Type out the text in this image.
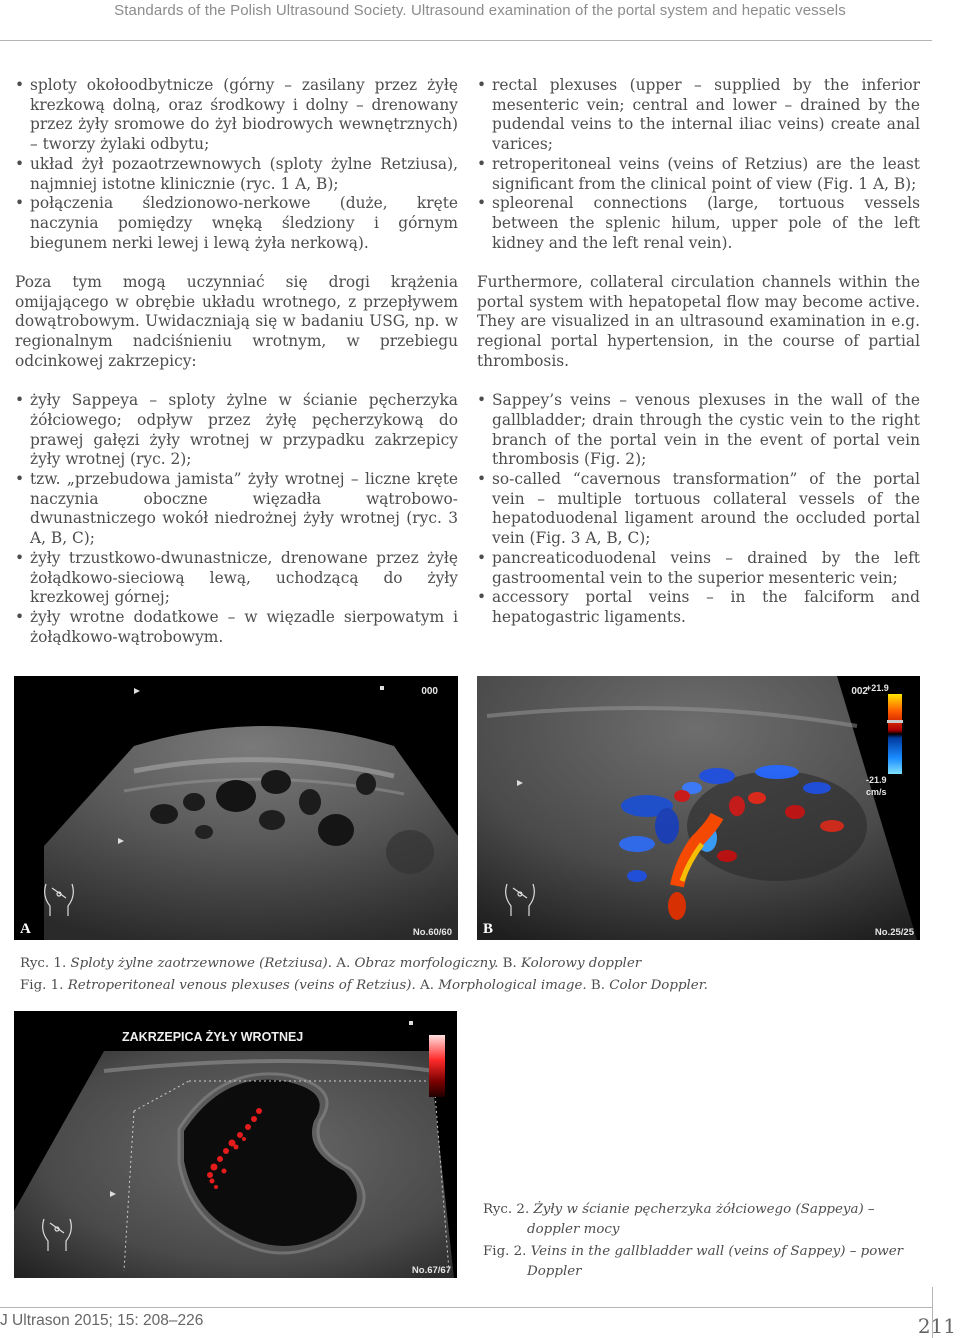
Standards of the Polish Ultrasound Society. Ultrasound examination of the portal system and hepatic vessels
• sploty okołoodbytnicze (górny – zasilany przez żyłę krezkową dolną, oraz środkowy i dolny – drenowany przez żyły sromowe do żył biodrowych wewnętrznych) – tworzy żylaki odbytu;
• układ żył pozaotrzewnowych (sploty żylne Retziusa), najmniej istotne klinicznie (ryc. 1 A, B);
• połączenia śledzionowo-nerkowe (duże, kręte naczynia pomiędzy wnęką śledziony i górnym biegunem nerki lewej i lewą żyła nerkową).

Poza tym mogą uczynniać się drogi krążenia omijającego w obrębie układu wrotnego, z przepływem dowątrobowym. Uwidaczniają się w badaniu USG, np. w regionalnym nadciśnieniu wrotnym, w przebiegu odcinkowej zakrzepicy:

• żyły Sappeya – sploty żylne w ścianie pęcherzyka żółciowego; odpływ przez żyłę pęcherzykową do prawej gałęzi żyły wrotnej w przypadku zakrzepicy żyły wrotnej (ryc. 2);
• tzw. „przebudowa jamista” żyły wrotnej – liczne kręte naczynia oboczne więzadła wątrobowo-dwunastniczego wokół niedrożnej żyły wrotnej (ryc. 3 A, B, C);
• żyły trzustkowo-dwunastnicze, drenowane przez żyłę żołądkowo-sieciową lewą, uchodzącą do żyły krezkowej górnej;
• żyły wrotne dodatkowe – w więzadle sierpowatym i żołądkowo-wątrobowym.
• rectal plexuses (upper – supplied by the inferior mesenteric vein; central and lower – drained by the pudendal veins to the internal iliac veins) create anal varices;
• retroperitoneal veins (veins of Retzius) are the least significant from the clinical point of view (Fig. 1 A, B);
• spleorenal connections (large, tortuous vessels between the splenic hilum, upper pole of the left kidney and the left renal vein).

Furthermore, collateral circulation channels within the portal system with hepatopetal flow may become active. They are visualized in an ultrasound examination in e.g. regional portal hypertension, in the course of partial thrombosis.

• Sappey’s veins – venous plexuses in the wall of the gallbladder; drain through the cystic vein to the right branch of the portal vein in the event of portal vein thrombosis (Fig. 2);
• so-called “cavernous transformation” of the portal vein – multiple tortuous collateral vessels of the hepatoduodenal ligament around the occluded portal vein (Fig. 3 A, B, C);
• pancreaticoduodenal veins – drained by the left gastroomental vein to the superior mesenteric vein;
• accessory portal veins – in the falciform and hepatogastric ligaments.
000
A	No.60/60
002
+21.9
-21.9
cm/s
B	No.25/25
Ryc. 1. Sploty żylne zaotrzewnowe (Retziusa). A. Obraz morfologiczny. B. Kolorowy doppler
Fig. 1. Retroperitoneal venous plexuses (veins of Retzius). A. Morphological image. B. Color Doppler.
ZAKRZEPICA ŻYŁY WROTNEJ
No.67/67
Ryc. 2. Żyły w ścianie pęcherzyka żółciowego (Sappeya) – doppler mocy
Fig. 2. Veins in the gallbladder wall (veins of Sappey) – power Doppler
J Ultrason 2015; 15: 208–226	211
